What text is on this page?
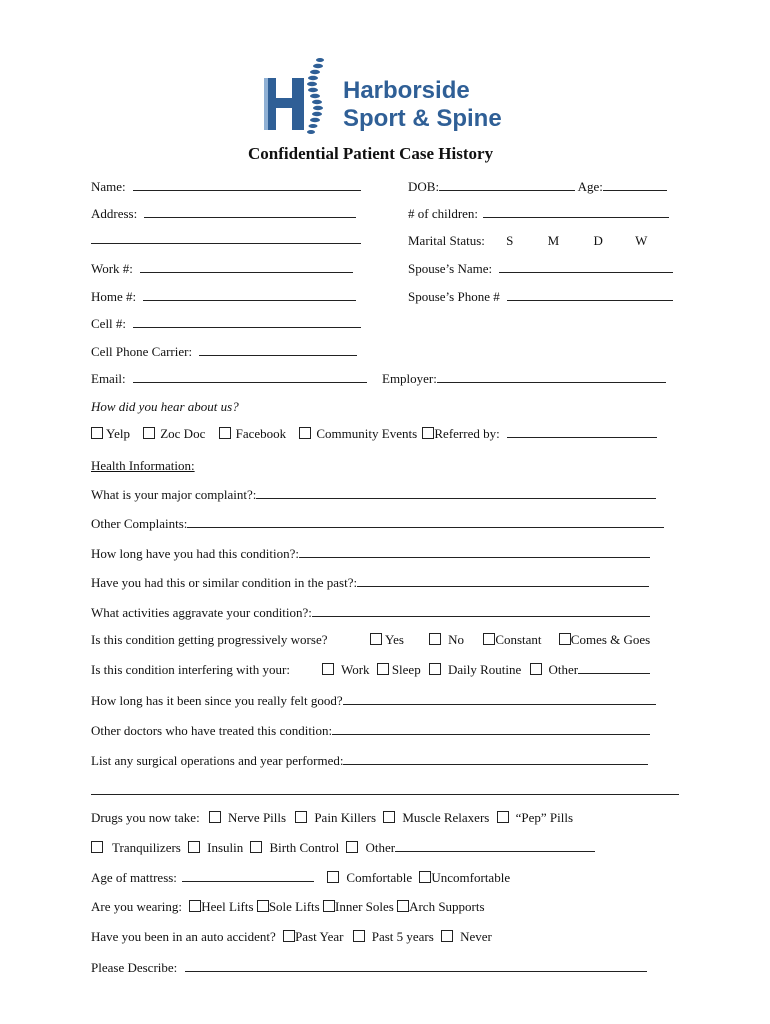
Harborside
Sport & Spine
Confidential Patient Case History
Name:	DOB:	Age:
Address:	# of children:
Marital Status: S	M	D W
Work #:	Spouse’s Name:
Home #:	Spouse’s Phone #
Cell #:
Cell Phone Carrier:
Email:	Employer:
How did you hear about us?
Yelp Zoc Doc Facebook Community Events Referred by:
Health Information:
What is your major complaint?:
Other Complaints:
How long have you had this condition?:
Have you had this or similar condition in the past?:
What activities aggravate your condition?:
Is this condition getting progressively worse?	Yes	No Constant Comes & Goes
Is this condition interfering with your:	Work Sleep Daily Routine Other
How long has it been since you really felt good?
Other doctors who have treated this condition:
List any surgical operations and year performed:
Drugs you now take: Nerve Pills Pain Killers Muscle Relaxers “Pep” Pills
Tranquilizers Insulin Birth Control Other
Age of mattress:	Comfortable Uncomfortable
Are you wearing: Heel Lifts Sole Lifts Inner Soles Arch Supports
Have you been in an auto accident? Past Year Past 5 years Never
Please Describe:
